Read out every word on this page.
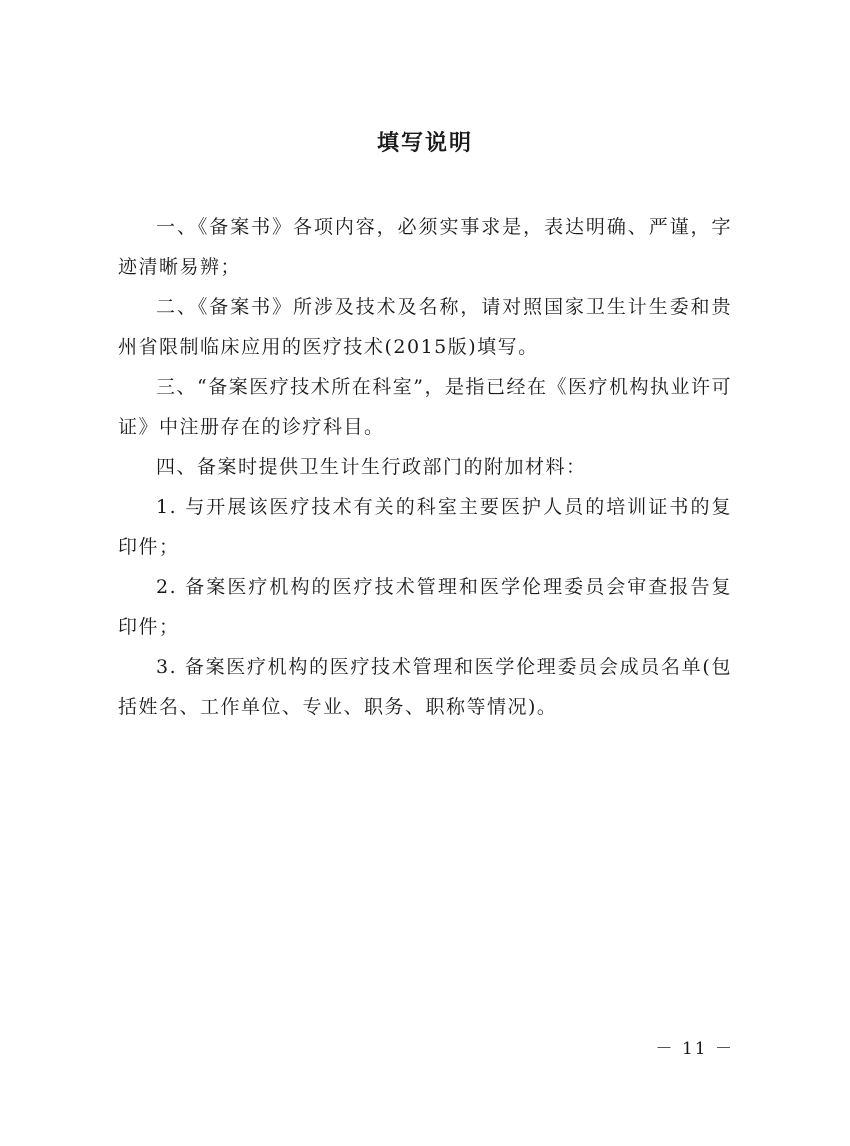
填写说明

一、《备案书》各项内容，必须实事求是，表达明确、严谨，字迹清晰易辨；

二、《备案书》所涉及技术及名称，请对照国家卫生计生委和贵州省限制临床应用的医疗技术(2015版)填写。

三、“备案医疗技术所在科室”，是指已经在《医疗机构执业许可证》中注册存在的诊疗科目。

四、备案时提供卫生计生行政部门的附加材料：

1. 与开展该医疗技术有关的科室主要医护人员的培训证书的复印件；

2. 备案医疗机构的医疗技术管理和医学伦理委员会审查报告复印件；

3. 备案医疗机构的医疗技术管理和医学伦理委员会成员名单(包括姓名、工作单位、专业、职务、职称等情况)。

－ 11 －
